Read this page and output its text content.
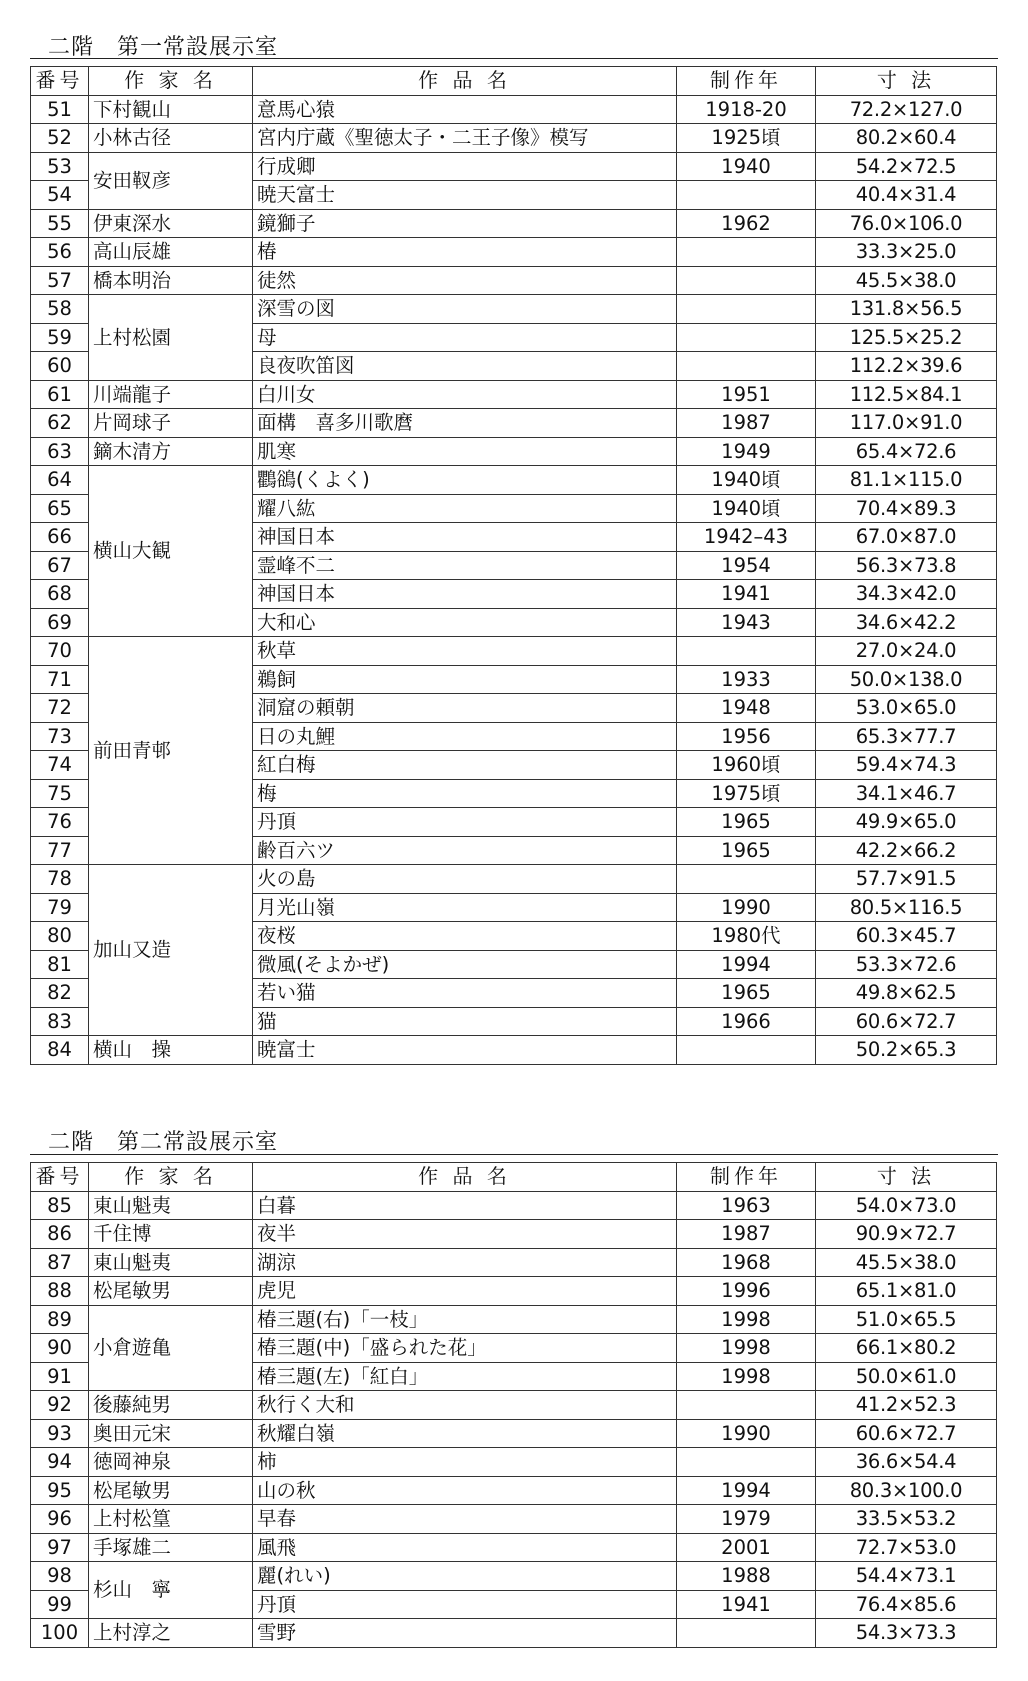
二階　第一常設展示室
番号	作 家 名	作 品 名	制作年	寸 法
51	下村観山	意馬心猿	1918-20	72.2×127.0
52	小林古径	宮内庁蔵《聖徳太子・二王子像》模写	1925頃	80.2×60.4
53	安田靫彦	行成卿	1940	54.2×72.5
54		暁天富士		40.4×31.4
55	伊東深水	鏡獅子	1962	76.0×106.0
56	高山辰雄	椿		33.3×25.0
57	橋本明治	徒然		45.5×38.0
58	上村松園	深雪の図		131.8×56.5
59		母		125.5×25.2
60		良夜吹笛図		112.2×39.6
61	川端龍子	白川女	1951	112.5×84.1
62	片岡球子	面構　喜多川歌麿	1987	117.0×91.0
63	鏑木清方	肌寒	1949	65.4×72.6
64	横山大観	鸜鵒(くよく)	1940頃	81.1×115.0
65		耀八紘	1940頃	70.4×89.3
66		神国日本	1942–43	67.0×87.0
67		霊峰不二	1954	56.3×73.8
68		神国日本	1941	34.3×42.0
69		大和心	1943	34.6×42.2
70	前田青邨	秋草		27.0×24.0
71		鵜飼	1933	50.0×138.0
72		洞窟の頼朝	1948	53.0×65.0
73		日の丸鯉	1956	65.3×77.7
74		紅白梅	1960頃	59.4×74.3
75		梅	1975頃	34.1×46.7
76		丹頂	1965	49.9×65.0
77		齢百六ツ	1965	42.2×66.2
78	加山又造	火の島		57.7×91.5
79		月光山嶺	1990	80.5×116.5
80		夜桜	1980代	60.3×45.7
81		微風(そよかぜ)	1994	53.3×72.6
82		若い猫	1965	49.8×62.5
83		猫	1966	60.6×72.7
84	横山　操	暁富士		50.2×65.3
二階　第二常設展示室
番号	作 家 名	作 品 名	制作年	寸 法
85	東山魁夷	白暮	1963	54.0×73.0
86	千住博	夜半	1987	90.9×72.7
87	東山魁夷	湖涼	1968	45.5×38.0
88	松尾敏男	虎児	1996	65.1×81.0
89	小倉遊亀	椿三題(右)「一枝」	1998	51.0×65.5
90		椿三題(中)「盛られた花」	1998	66.1×80.2
91		椿三題(左)「紅白」	1998	50.0×61.0
92	後藤純男	秋行く大和		41.2×52.3
93	奥田元宋	秋耀白嶺	1990	60.6×72.7
94	徳岡神泉	柿		36.6×54.4
95	松尾敏男	山の秋	1994	80.3×100.0
96	上村松篁	早春	1979	33.5×53.2
97	手塚雄二	風飛	2001	72.7×53.0
98	杉山　寧	麗(れい)	1988	54.4×73.1
99		丹頂	1941	76.4×85.6
100	上村淳之	雪野		54.3×73.3
